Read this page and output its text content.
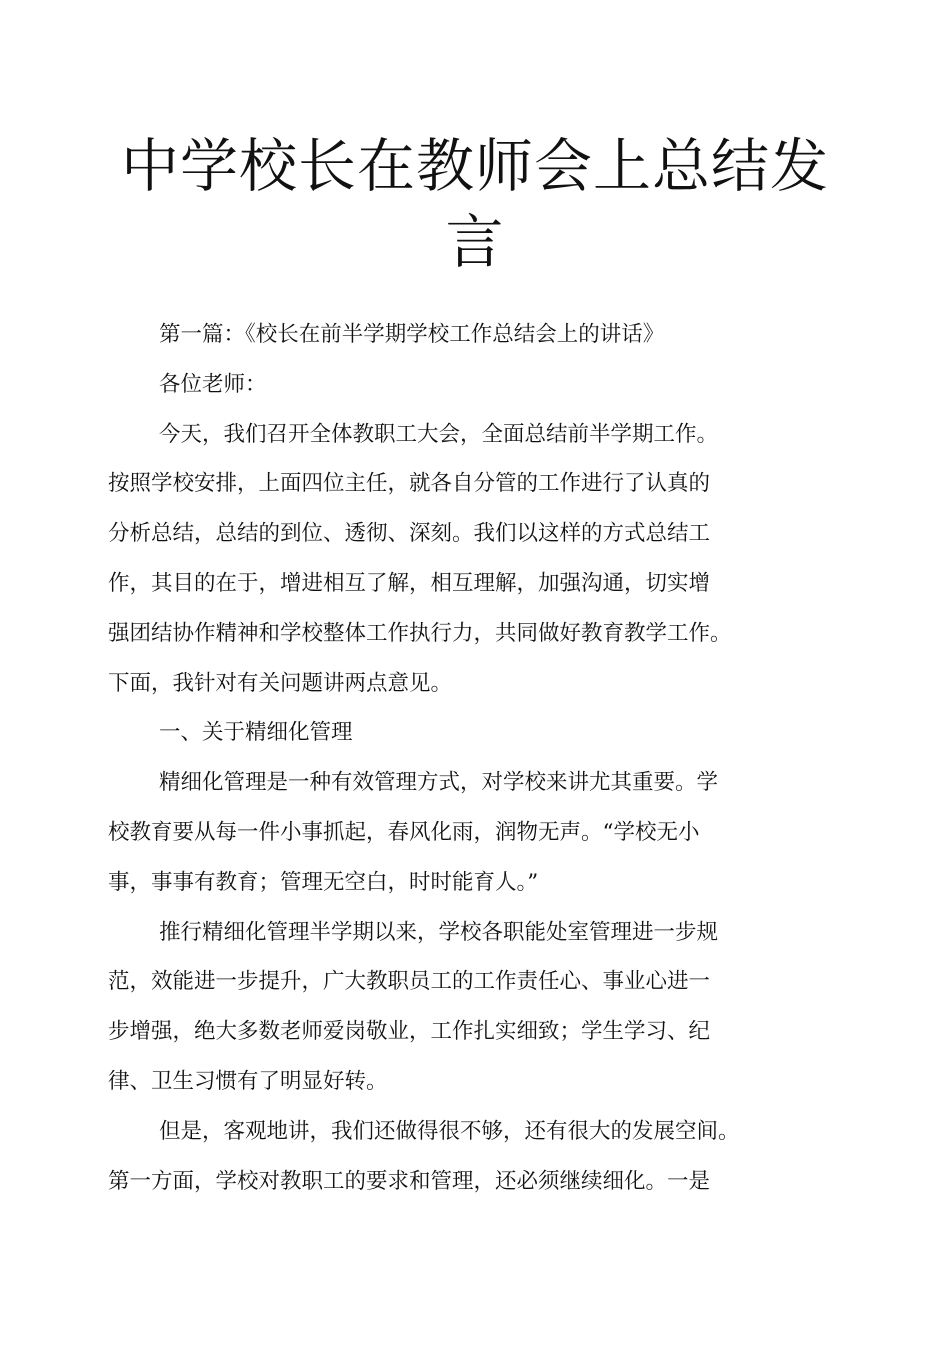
中学校长在教师会上总结发
言

第一篇：《校长在前半学期学校工作总结会上的讲话》

各位老师：

今天，我们召开全体教职工大会，全面总结前半学期工作。
按照学校安排，上面四位主任，就各自分管的工作进行了认真的
分析总结，总结的到位、透彻、深刻。我们以这样的方式总结工
作，其目的在于，增进相互了解，相互理解，加强沟通，切实增
强团结协作精神和学校整体工作执行力，共同做好教育教学工作。
下面，我针对有关问题讲两点意见。

一、关于精细化管理

精细化管理是一种有效管理方式，对学校来讲尤其重要。学
校教育要从每一件小事抓起，春风化雨，润物无声。“学校无小
事，事事有教育；管理无空白，时时能育人。”

推行精细化管理半学期以来，学校各职能处室管理进一步规
范，效能进一步提升，广大教职员工的工作责任心、事业心进一
步增强，绝大多数老师爱岗敬业，工作扎实细致；学生学习、纪
律、卫生习惯有了明显好转。

但是，客观地讲，我们还做得很不够，还有很大的发展空间。
第一方面，学校对教职工的要求和管理，还必须继续细化。一是
